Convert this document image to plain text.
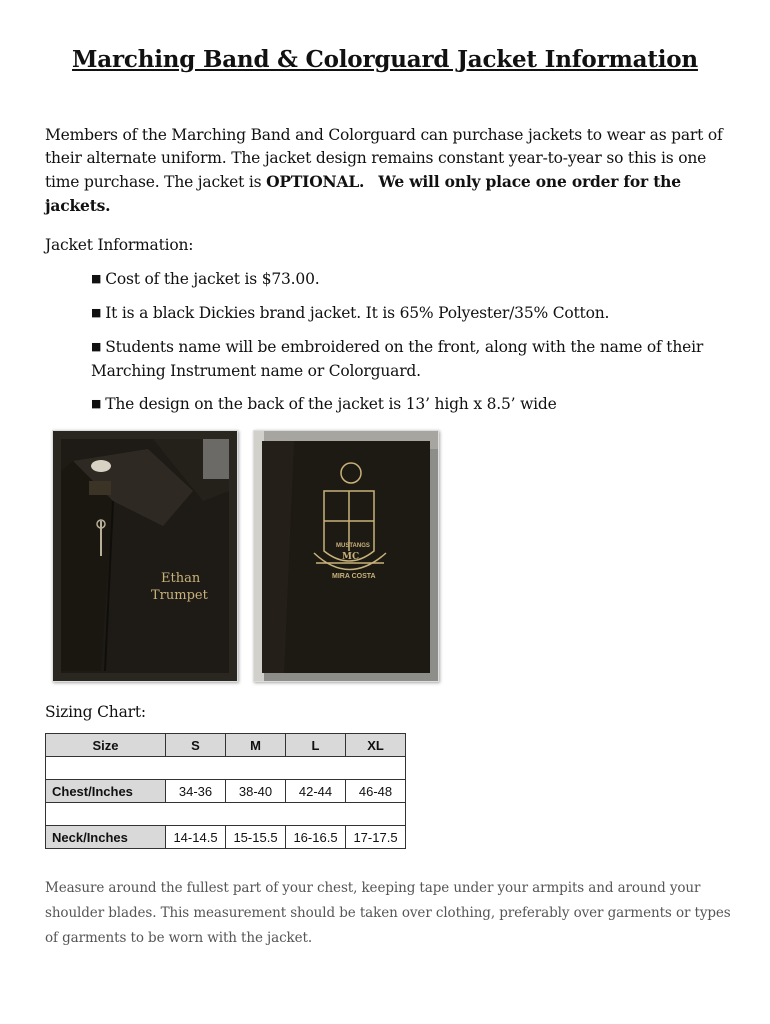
Marching Band & Colorguard Jacket Information
Members of the Marching Band and Colorguard can purchase jackets to wear as part of their alternate uniform. The jacket design remains constant year-to-year so this is one time purchase. The jacket is OPTIONAL. We will only place one order for the jackets.
Jacket Information:
■ Cost of the jacket is $73.00.
■ It is a black Dickies brand jacket. It is 65% Polyester/35% Cotton.
■ Students name will be embroidered on the front, along with the name of their Marching Instrument name or Colorguard.
■ The design on the back of the jacket is 13’ high x 8.5’ wide
Ethan
Trumpet
MUSTANGS
MC
MIRA COSTA
Sizing Chart:
Size	S	M	L	XL

Chest/Inches	34-36	38-40	42-44	46-48

Neck/Inches	14-14.5	15-15.5	16-16.5	17-17.5
Measure around the fullest part of your chest, keeping tape under your armpits and around your shoulder blades. This measurement should be taken over clothing, preferably over garments or types of garments to be worn with the jacket.
